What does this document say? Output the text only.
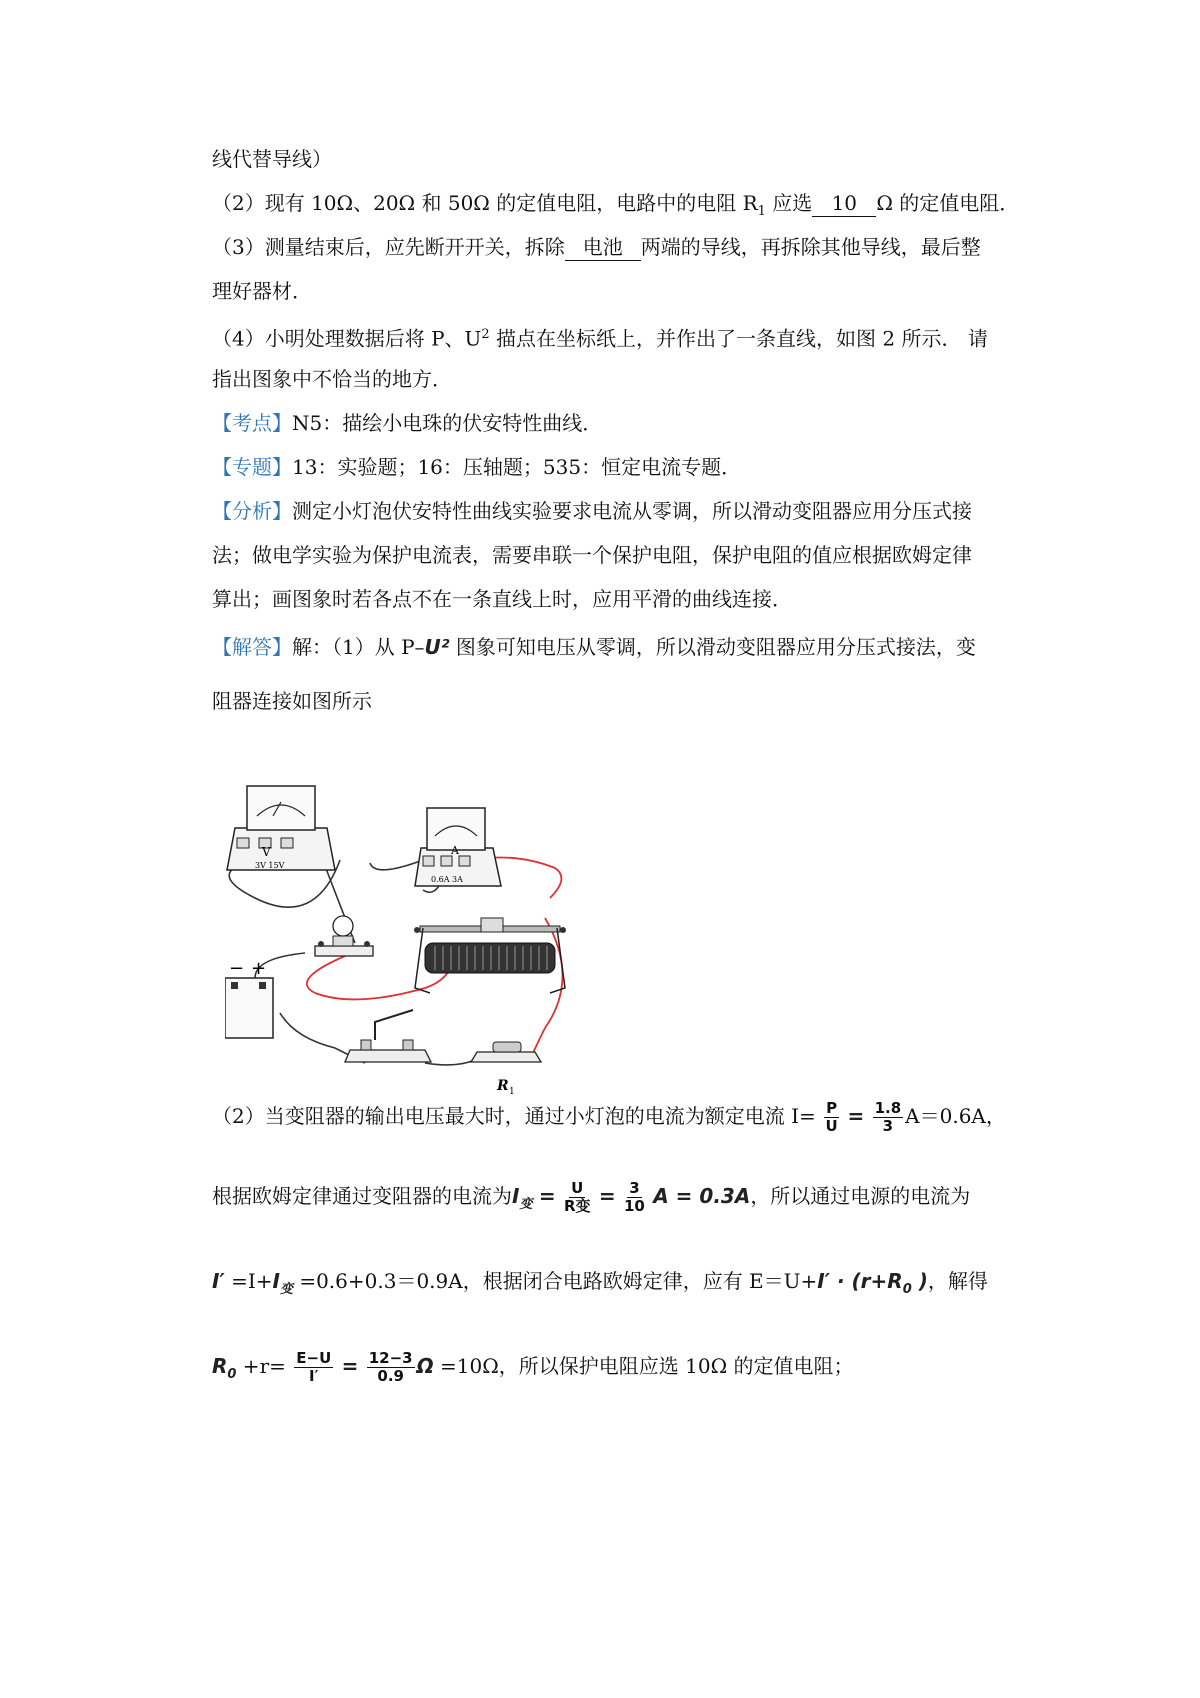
线代替导线）
（2）现有 10Ω、20Ω 和 50Ω 的定值电阻，电路中的电阻 $R_1$ 应选 10 Ω 的定值电阻．
（3）测量结束后，应先断开开关，拆除 电池 两端的导线，再拆除其他导线，最后整
理好器材．
（4）小明处理数据后将 P、$U^2$ 描点在坐标纸上，并作出了一条直线，如图 2 所示． 请
指出图象中不恰当的地方．
【考点】N5：描绘小电珠的伏安特性曲线．
【专题】13：实验题；16：压轴题；535：恒定电流专题．
【分析】测定小灯泡伏安特性曲线实验要求电流从零调，所以滑动变阻器应用分压式接
法；做电学实验为保护电流表，需要串联一个保护电阻，保护电阻的值应根据欧姆定律
算出；画图象时若各点不在一条直线上时，应用平滑的曲线连接．
【解答】解：（1）从 P–U² 图象可知电压从零调，所以滑动变阻器应用分压式接法，变
阻器连接如图所示
V
3V 15V
A
0.6A 3A
− +
R 1
（2）当变阻器的输出电压最大时，通过小灯泡的电流为额定电流 $I= \frac{P}{U} = \frac{1.8}{3} A=0.6A$，
根据欧姆定律通过变阻器的电流为$I_变 = \frac{U}{\text{R变}} = \frac{3}{10}$ A = 0.3A，所以通过电源的电流为
$I' =I+I_变 =0.6+0.3=0.9A$，根据闭合电路欧姆定律，应有 $E=U+I' \cdot (r+R_0$ )，解得
$R_0 +r= \frac{E-U}{I'} = \frac{12-3}{0.9}$ Ω =10Ω，所以保护电阻应选 10Ω 的定值电阻；
